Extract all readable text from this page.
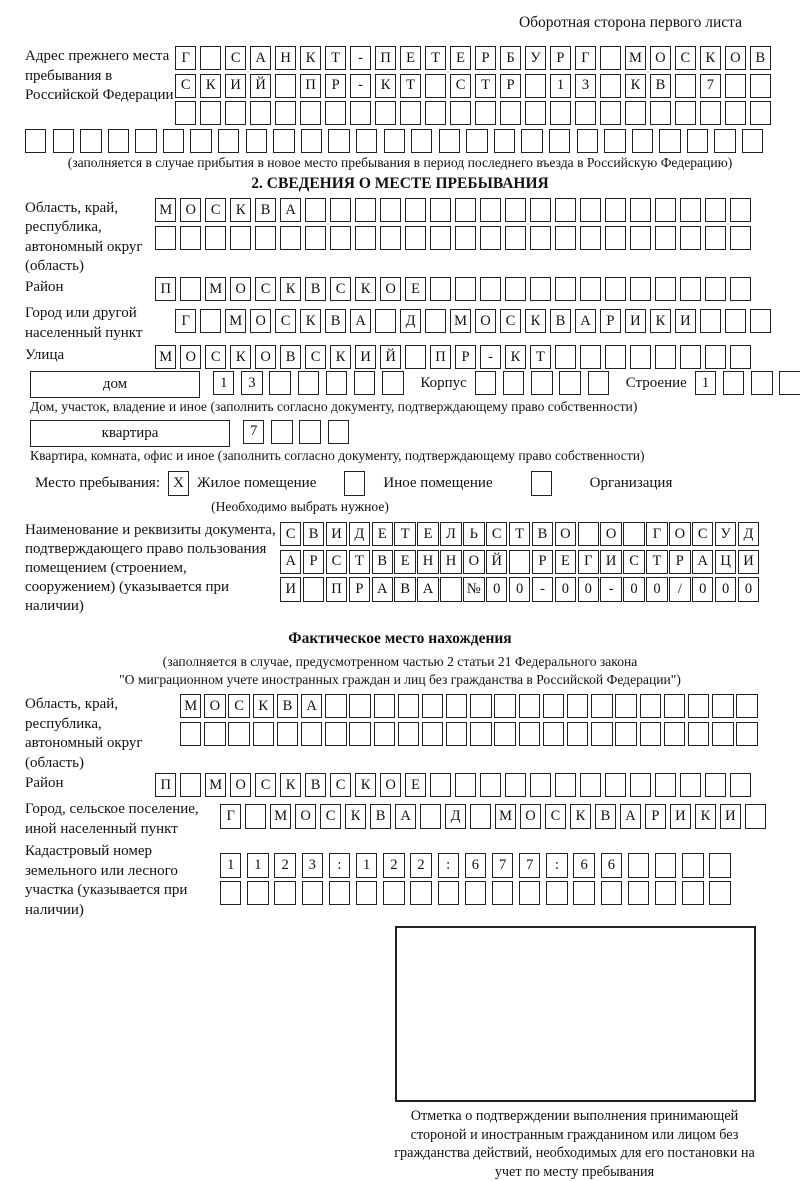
Оборотная сторона первого листа
Адрес прежнего места пребывания в Российской Федерации
Г	С	А	Н	К	Т	-	П	Е	Т	Е	Р	Б	У	Р	Г	М О	С	К	О	В
С	К	И	Й	П	Р	-	К	Т	С	Т	Р	1	3	К	В	7
(заполняется в случае прибытия в новое место пребывания в период последнего въезда в Российскую Федерацию)
2. СВЕДЕНИЯ О МЕСТЕ ПРЕБЫВАНИЯ
Область, край, республика, автономный округ (область)
М О	С	К	В	А
Район	П	М О	С	К	В	С	К	О	Е
Город или другой населенный пункт
Г	М О	С	К	В	А	Д	М О	С	К	В	А	Р	И	К	И
Улица	М О	С	К	О	В	С	К	И	Й	П	Р	-	К	Т
дом	1	3	Корпус	Строение	1
Дом, участок, владение и иное (заполнить согласно документу, подтверждающему право собственности)
квартира	7
Квартира, комната, офис и иное (заполнить согласно документу, подтверждающему право собственности)
Место пребывания: X Жилое помещение	Иное помещение	Организация
(Необходимо выбрать нужное)
Наименование и реквизиты документа, подтверждающего право пользования помещением (строением, сооружением) (указывается при наличии)
С В И Д Е Т Е Л Ь С Т В О	О	Г О С У Д
А Р С Т В Е Н Н О Й	Р Е Г И С Т Р А Ц И
И	П Р А В А	№ 0	0	-	0	0	-	0	0	/	0	0	0
Фактическое место нахождения
(заполняется в случае, предусмотренном частью 2 статьи 21 Федерального закона
"О миграционном учете иностранных граждан и лиц без гражданства в Российской Федерации")
Область, край, республика, автономный округ (область)
М О С	К	В А
Район	П	М О	С	К	В	С	К	О	Е
Город, сельское поселение, иной населенный пункт
Г	М О	С	К	В	А	Д	М О	С	К	В	А	Р	И	К	И
Кадастровый номер земельного или лесного участка (указывается при наличии)
1	1	2	3	:	1	2	2	:	6	7	7	:	6	6
Отметка о подтверждении выполнения принимающей стороной и иностранным гражданином или лицом без гражданства действий, необходимых для его постановки на учет по месту пребывания
